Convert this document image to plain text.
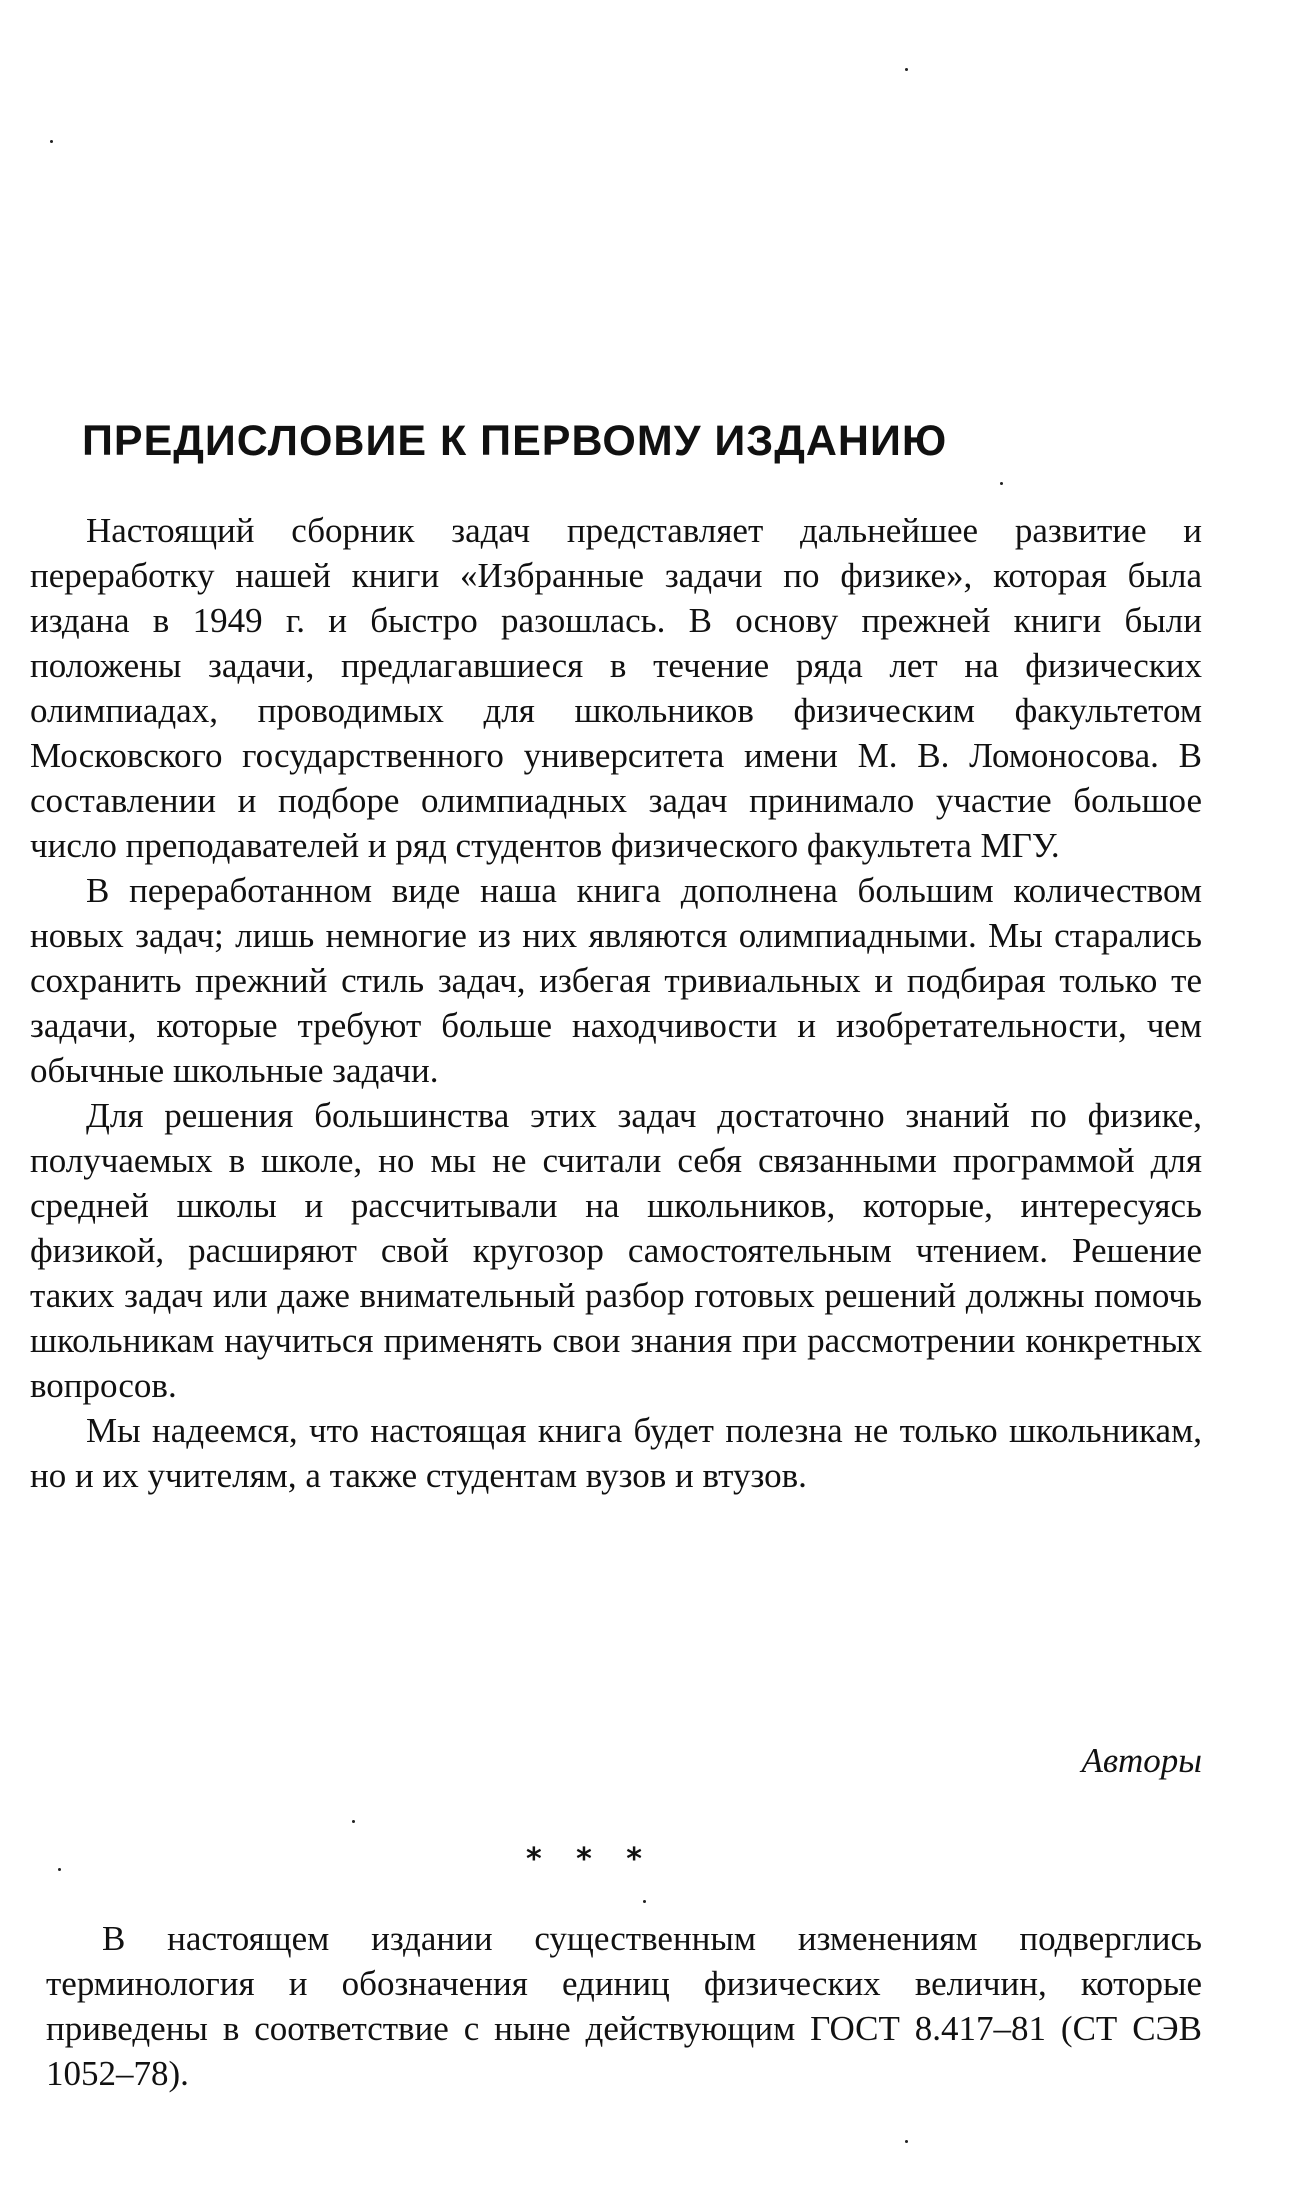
ПРЕДИСЛОВИЕ К ПЕРВОМУ ИЗДАНИЮ

Настоящий сборник задач представляет дальнейшее развитие и переработку нашей книги «Избранные задачи по физике», которая была издана в 1949 г. и быстро разошлась. В основу прежней книги были положены задачи, предлагавшиеся в течение ряда лет на физических олимпиадах, проводимых для школьников физическим факультетом Московского государственного университета имени М. В. Ломоносова. В составлении и подборе олимпиадных задач принимало участие большое число преподавателей и ряд студентов физического факультета МГУ.

В переработанном виде наша книга дополнена большим количеством новых задач; лишь немногие из них являются олимпиадными. Мы старались сохранить прежний стиль задач, избегая тривиальных и подбирая только те задачи, которые требуют больше находчивости и изобретательности, чем обычные школьные задачи.

Для решения большинства этих задач достаточно знаний по физике, получаемых в школе, но мы не считали себя связанными программой для средней школы и рассчитывали на школьников, которые, интересуясь физикой, расширяют свой кругозор самостоятельным чтением. Решение таких задач или даже внимательный разбор готовых решений должны помочь школьникам научиться применять свои знания при рассмотрении конкретных вопросов.

Мы надеемся, что настоящая книга будет полезна не только школьникам, но и их учителям, а также студентам вузов и втузов.

Авторы

* * *

В настоящем издании существенным изменениям подверглись терминология и обозначения единиц физических величин, которые приведены в соответствие с ныне действующим ГОСТ 8.417–81 (СТ СЭВ 1052–78).
